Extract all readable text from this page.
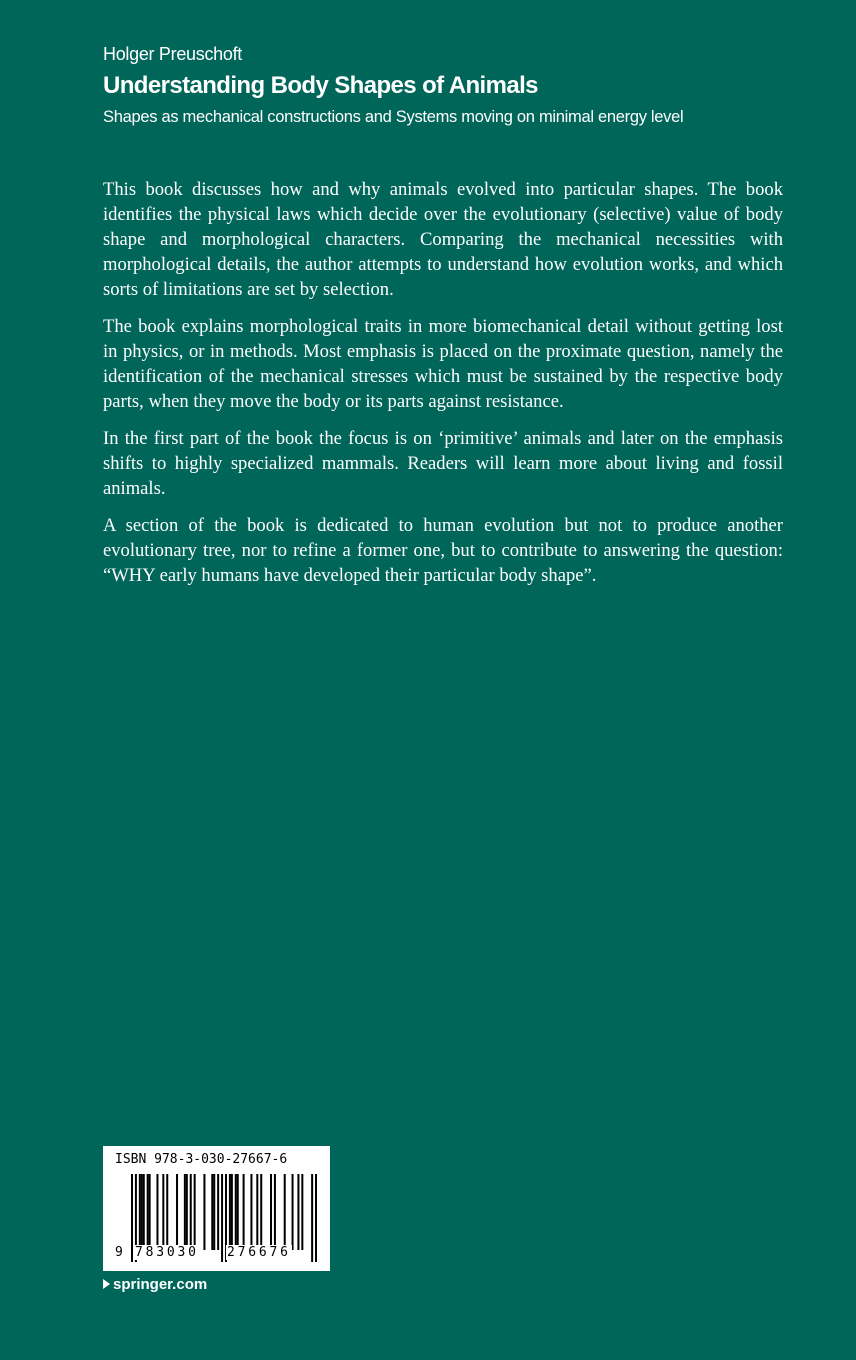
Holger Preuschoft
Understanding Body Shapes of Animals
Shapes as mechanical constructions and Systems moving on minimal energy level

This book discusses how and why animals evolved into particular shapes. The book identifies the physical laws which decide over the evolutionary (selective) value of body shape and morphological characters. Comparing the mechanical necessities with morphological details, the author attempts to understand how evolution works, and which sorts of limitations are set by selection.

The book explains morphological traits in more biomechanical detail without getting lost in physics, or in methods. Most emphasis is placed on the proximate question, namely the identification of the mechanical stresses which must be sustained by the respective body parts, when they move the body or its parts against resistance.

In the first part of the book the focus is on ‘primitive’ animals and later on the emphasis shifts to highly specialized mammals. Readers will learn more about living and fossil animals.

A section of the book is dedicated to human evolution but not to produce another evolutionary tree, nor to refine a former one, but to contribute to answering the question: “WHY early humans have developed their particular body shape”.

ISBN 978-3-030-27667-6
9 783030 276676
springer.com
